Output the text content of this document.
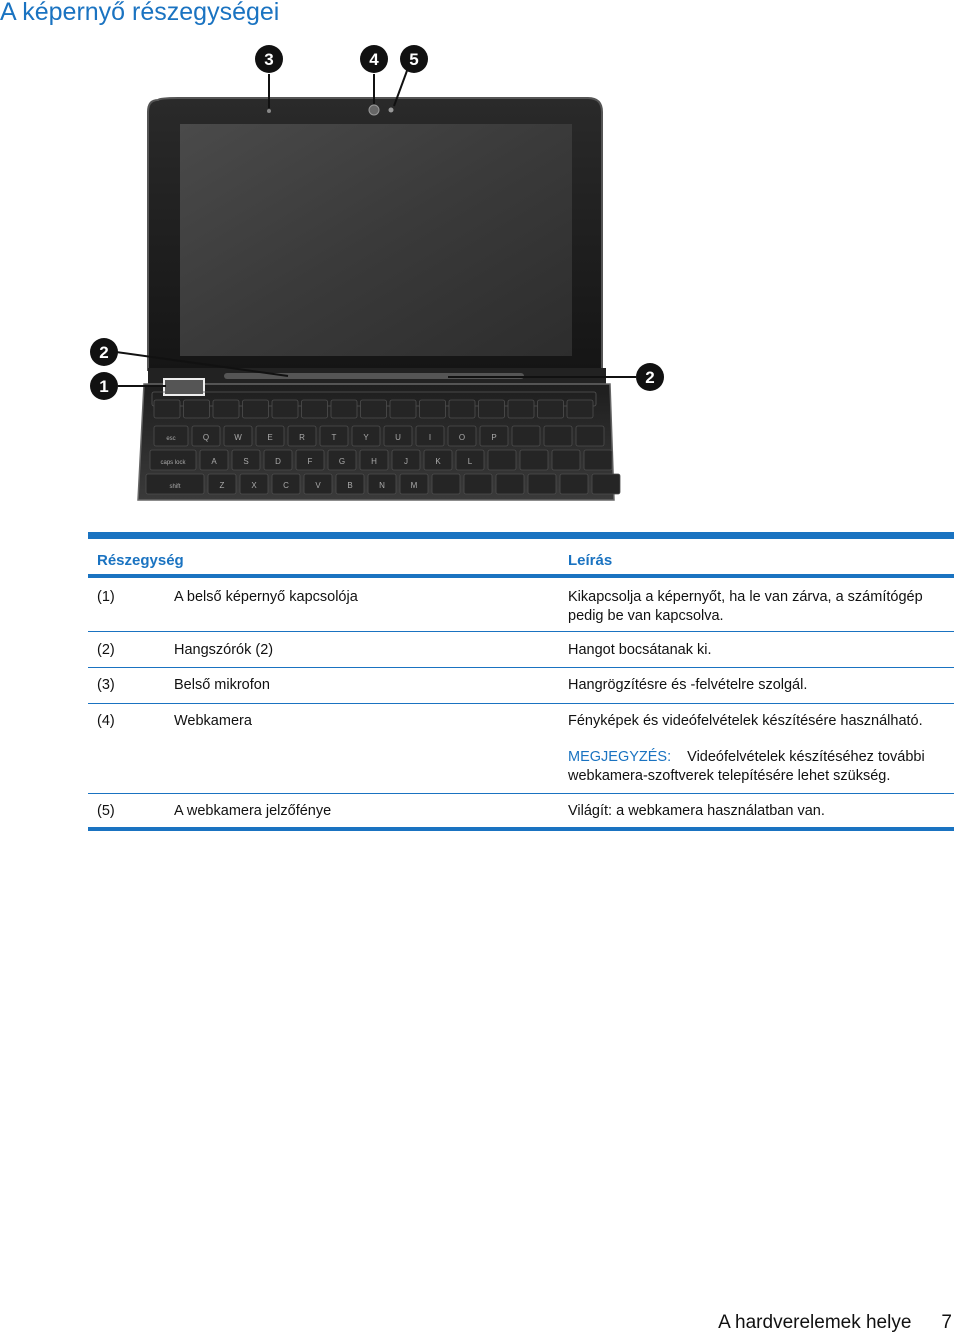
A képernyő részegységei
esc	Q	W	E	R	T	Y	U	I	O	P
caps lock	A	S	D	F	G	H	J	K	L
shift	Z	X	C	V	B	N	M
3	4 5
2
1	2
Részegység	Leírás
(1)	A belső képernyő kapcsolója	Kikapcsolja a képernyőt, ha le van zárva, a számítógép
pedig be van kapcsolva.
(2)	Hangszórók (2)	Hangot bocsátanak ki.
(3)	Belső mikrofon	Hangrögzítésre és -felvételre szolgál.
(4)	Webkamera	Fényképek és videófelvételek készítésére használható.
MEGJEGYZÉS: Videófelvételek készítéséhez további
webkamera-szoftverek telepítésére lehet szükség.
(5)	A webkamera jelzőfénye	Világít: a webkamera használatban van.
A hardverelemek helye 7
